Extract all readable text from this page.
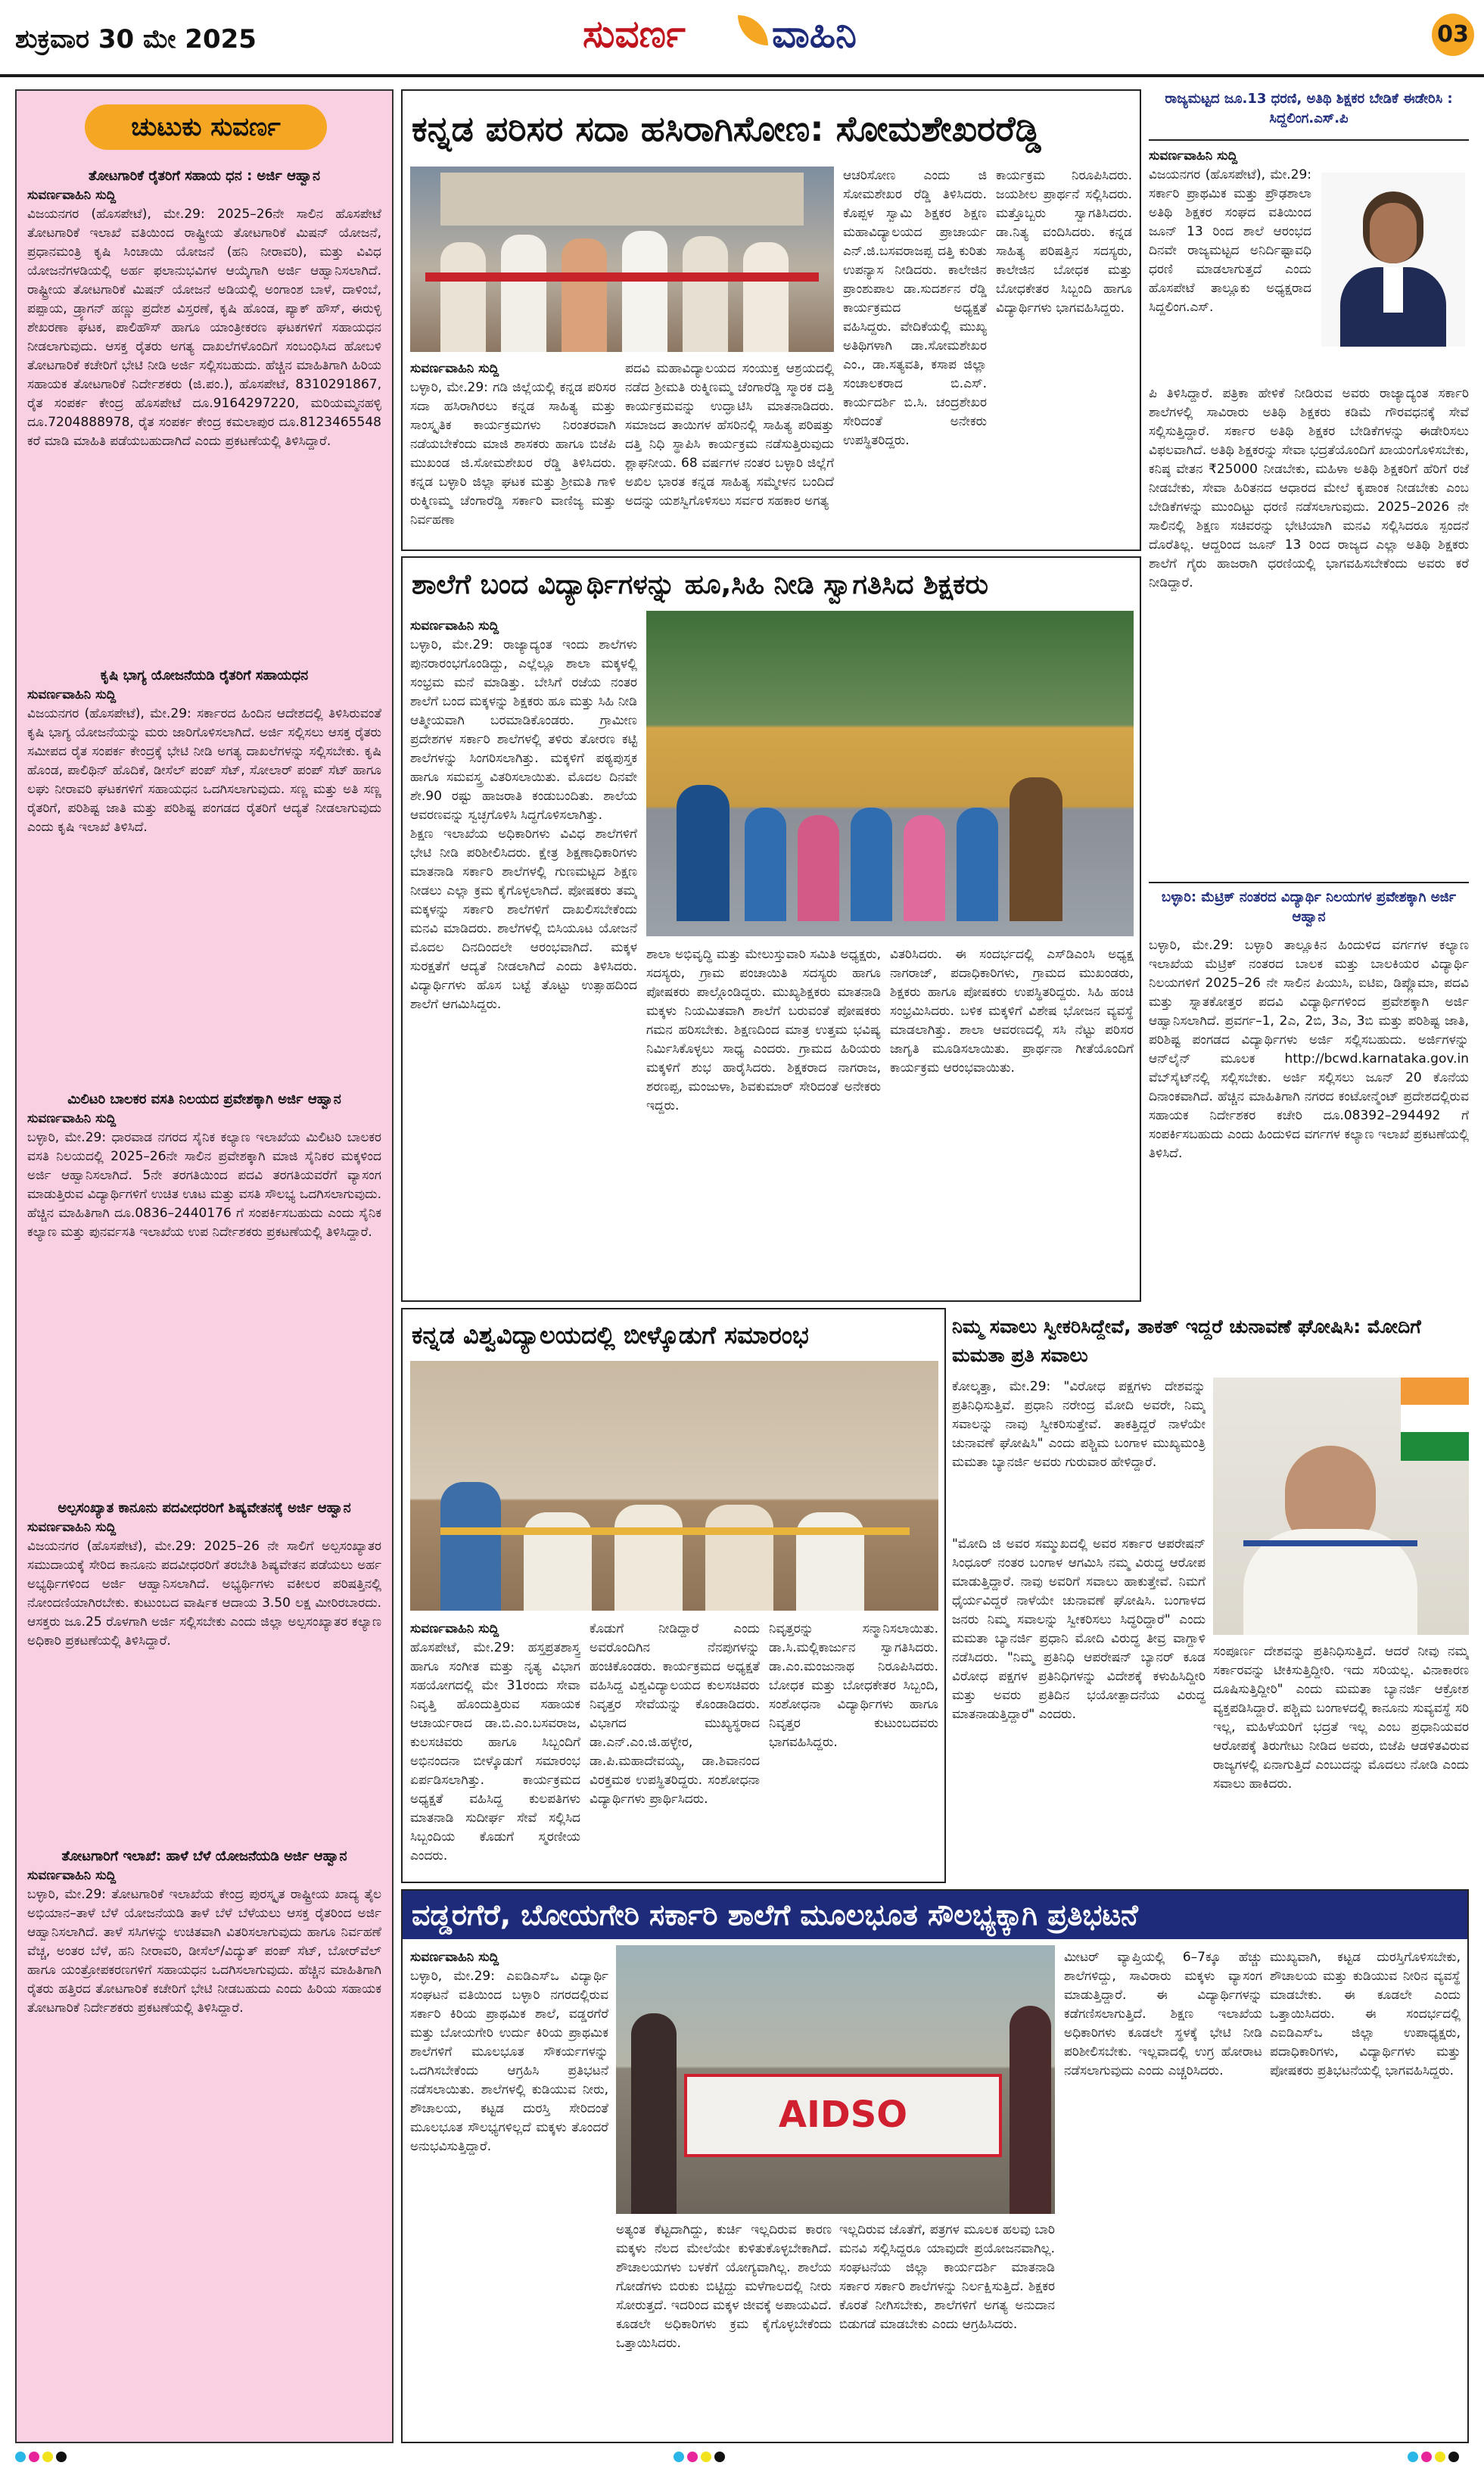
ಶುಕ್ರವಾರ 30 ಮೇ 2025	ಸುವರ್ಣ ವಾಹಿನಿ	03
ಚುಟುಕು ಸುವರ್ಣ
ತೋಟಗಾರಿಕೆ ರೈತರಿಗೆ ಸಹಾಯ ಧನ : ಅರ್ಜಿ ಆಹ್ವಾನ
ಸುವರ್ಣವಾಹಿನಿ ಸುದ್ದಿ
ವಿಜಯನಗರ (ಹೊಸಪೇಟೆ), ಮೇ.29: 2025–26ನೇ ಸಾಲಿನ ಹೊಸಪೇಟೆ ತೋಟಗಾರಿಕೆ ಇಲಾಖೆ ವತಿಯಿಂದ ರಾಷ್ಟ್ರೀಯ ತೋಟಗಾರಿಕೆ ಮಿಷನ್ ಯೋಜನೆ, ಪ್ರಧಾನಮಂತ್ರಿ ಕೃಷಿ ಸಿಂಚಾಯಿ ಯೋಜನೆ (ಹನಿ ನೀರಾವರಿ), ಮತ್ತು ವಿವಿಧ ಯೋಜನೆಗಳಡಿಯಲ್ಲಿ ಅರ್ಹ ಫಲಾನುಭವಿಗಳ ಆಯ್ಕೆಗಾಗಿ ಅರ್ಜಿ ಆಹ್ವಾನಿಸಲಾಗಿದೆ. ರಾಷ್ಟ್ರೀಯ ತೋಟಗಾರಿಕೆ ಮಿಷನ್ ಯೋಜನೆ ಅಡಿಯಲ್ಲಿ ಅಂಗಾಂಶ ಬಾಳೆ, ದಾಳಿಂಬೆ, ಪಪ್ಪಾಯ, ಡ್ರ್ಯಾಗನ್ ಹಣ್ಣು ಪ್ರದೇಶ ವಿಸ್ತರಣೆ, ಕೃಷಿ ಹೊಂಡ, ಪ್ಯಾಕ್ ಹೌಸ್, ಈರುಳ್ಳಿ ಶೇಖರಣಾ ಘಟಕ, ಪಾಲಿಹೌಸ್ ಹಾಗೂ ಯಾಂತ್ರೀಕರಣ ಘಟಕಗಳಿಗೆ ಸಹಾಯಧನ ನೀಡಲಾಗುವುದು. ಆಸಕ್ತ ರೈತರು ಅಗತ್ಯ ದಾಖಲೆಗಳೊಂದಿಗೆ ಸಂಬಂಧಿಸಿದ ಹೋಬಳಿ ತೋಟಗಾರಿಕೆ ಕಚೇರಿಗೆ ಭೇಟಿ ನೀಡಿ ಅರ್ಜಿ ಸಲ್ಲಿಸಬಹುದು. ಹೆಚ್ಚಿನ ಮಾಹಿತಿಗಾಗಿ ಹಿರಿಯ ಸಹಾಯಕ ತೋಟಗಾರಿಕೆ ನಿರ್ದೇಶಕರು (ಜಿ.ಪಂ.), ಹೊಸಪೇಟೆ, 8310291867, ರೈತ ಸಂಪರ್ಕ ಕೇಂದ್ರ ಹೊಸಪೇಟೆ ದೂ.9164297220, ಮರಿಯಮ್ಮನಹಳ್ಳಿ ದೂ.7204888978, ರೈತ ಸಂಪರ್ಕ ಕೇಂದ್ರ ಕಮಲಾಪುರ ದೂ.8123465548 ಕರೆ ಮಾಡಿ ಮಾಹಿತಿ ಪಡೆಯಬಹುದಾಗಿದೆ ಎಂದು ಪ್ರಕಟಣೆಯಲ್ಲಿ ತಿಳಿಸಿದ್ದಾರೆ.
ಕೃಷಿ ಭಾಗ್ಯ ಯೋಜನೆಯಡಿ ರೈತರಿಗೆ ಸಹಾಯಧನ
ಸುವರ್ಣವಾಹಿನಿ ಸುದ್ದಿ
ವಿಜಯನಗರ (ಹೊಸಪೇಟೆ), ಮೇ.29: ಸರ್ಕಾರದ ಹಿಂದಿನ ಆದೇಶದಲ್ಲಿ ತಿಳಿಸಿರುವಂತೆ ಕೃಷಿ ಭಾಗ್ಯ ಯೋಜನೆಯನ್ನು ಮರು ಜಾರಿಗೊಳಿಸಲಾಗಿದೆ. ಅರ್ಜಿ ಸಲ್ಲಿಸಲು ಆಸಕ್ತ ರೈತರು ಸಮೀಪದ ರೈತ ಸಂಪರ್ಕ ಕೇಂದ್ರಕ್ಕೆ ಭೇಟಿ ನೀಡಿ ಅಗತ್ಯ ದಾಖಲೆಗಳನ್ನು ಸಲ್ಲಿಸಬೇಕು. ಕೃಷಿ ಹೊಂಡ, ಪಾಲಿಥಿನ್ ಹೊದಿಕೆ, ಡೀಸೆಲ್ ಪಂಪ್ ಸೆಟ್, ಸೋಲಾರ್ ಪಂಪ್ ಸೆಟ್ ಹಾಗೂ ಲಘು ನೀರಾವರಿ ಘಟಕಗಳಿಗೆ ಸಹಾಯಧನ ಒದಗಿಸಲಾಗುವುದು. ಸಣ್ಣ ಮತ್ತು ಅತಿ ಸಣ್ಣ ರೈತರಿಗೆ, ಪರಿಶಿಷ್ಟ ಜಾತಿ ಮತ್ತು ಪರಿಶಿಷ್ಟ ಪಂಗಡದ ರೈತರಿಗೆ ಆದ್ಯತೆ ನೀಡಲಾಗುವುದು ಎಂದು ಕೃಷಿ ಇಲಾಖೆ ತಿಳಿಸಿದೆ.
ಮಿಲಿಟರಿ ಬಾಲಕರ ವಸತಿ ನಿಲಯದ ಪ್ರವೇಶಕ್ಕಾಗಿ ಅರ್ಜಿ ಆಹ್ವಾನ
ಸುವರ್ಣವಾಹಿನಿ ಸುದ್ದಿ
ಬಳ್ಳಾರಿ, ಮೇ.29: ಧಾರವಾಡ ನಗರದ ಸೈನಿಕ ಕಲ್ಯಾಣ ಇಲಾಖೆಯ ಮಿಲಿಟರಿ ಬಾಲಕರ ವಸತಿ ನಿಲಯದಲ್ಲಿ 2025–26ನೇ ಸಾಲಿನ ಪ್ರವೇಶಕ್ಕಾಗಿ ಮಾಜಿ ಸೈನಿಕರ ಮಕ್ಕಳಿಂದ ಅರ್ಜಿ ಆಹ್ವಾನಿಸಲಾಗಿದೆ. 5ನೇ ತರಗತಿಯಿಂದ ಪದವಿ ತರಗತಿಯವರೆಗೆ ವ್ಯಾಸಂಗ ಮಾಡುತ್ತಿರುವ ವಿದ್ಯಾರ್ಥಿಗಳಿಗೆ ಉಚಿತ ಊಟ ಮತ್ತು ವಸತಿ ಸೌಲಭ್ಯ ಒದಗಿಸಲಾಗುವುದು. ಹೆಚ್ಚಿನ ಮಾಹಿತಿಗಾಗಿ ದೂ.0836–2440176 ಗೆ ಸಂಪರ್ಕಿಸಬಹುದು ಎಂದು ಸೈನಿಕ ಕಲ್ಯಾಣ ಮತ್ತು ಪುನರ್ವಸತಿ ಇಲಾಖೆಯ ಉಪ ನಿರ್ದೇಶಕರು ಪ್ರಕಟಣೆಯಲ್ಲಿ ತಿಳಿಸಿದ್ದಾರೆ.
ಅಲ್ಪಸಂಖ್ಯಾತ ಕಾನೂನು ಪದವೀಧರರಿಗೆ ಶಿಷ್ಯವೇತನಕ್ಕೆ ಅರ್ಜಿ ಆಹ್ವಾನ
ಸುವರ್ಣವಾಹಿನಿ ಸುದ್ದಿ
ವಿಜಯನಗರ (ಹೊಸಪೇಟೆ), ಮೇ.29: 2025–26 ನೇ ಸಾಲಿಗೆ ಅಲ್ಪಸಂಖ್ಯಾತರ ಸಮುದಾಯಕ್ಕೆ ಸೇರಿದ ಕಾನೂನು ಪದವೀಧರರಿಗೆ ತರಬೇತಿ ಶಿಷ್ಯವೇತನ ಪಡೆಯಲು ಅರ್ಹ ಅಭ್ಯರ್ಥಿಗಳಿಂದ ಅರ್ಜಿ ಆಹ್ವಾನಿಸಲಾಗಿದೆ. ಅಭ್ಯರ್ಥಿಗಳು ವಕೀಲರ ಪರಿಷತ್ತಿನಲ್ಲಿ ನೋಂದಣಿಯಾಗಿರಬೇಕು. ಕುಟುಂಬದ ವಾರ್ಷಿಕ ಆದಾಯ 3.50 ಲಕ್ಷ ಮೀರಿರಬಾರದು. ಆಸಕ್ತರು ಜೂ.25 ರೊಳಗಾಗಿ ಅರ್ಜಿ ಸಲ್ಲಿಸಬೇಕು ಎಂದು ಜಿಲ್ಲಾ ಅಲ್ಪಸಂಖ್ಯಾತರ ಕಲ್ಯಾಣ ಅಧಿಕಾರಿ ಪ್ರಕಟಣೆಯಲ್ಲಿ ತಿಳಿಸಿದ್ದಾರೆ.
ತೋಟಗಾರಿಗೆ ಇಲಾಖೆ: ಹಾಳೆ ಬೆಳೆ ಯೋಜನೆಯಡಿ ಅರ್ಜಿ ಆಹ್ವಾನ
ಸುವರ್ಣವಾಹಿನಿ ಸುದ್ದಿ
ಬಳ್ಳಾರಿ, ಮೇ.29: ತೋಟಗಾರಿಕೆ ಇಲಾಖೆಯ ಕೇಂದ್ರ ಪುರಸ್ಕೃತ ರಾಷ್ಟ್ರೀಯ ಖಾದ್ಯ ತೈಲ ಅಭಿಯಾನ–ತಾಳೆ ಬೆಳೆ ಯೋಜನೆಯಡಿ ತಾಳೆ ಬೆಳೆ ಬೆಳೆಯಲು ಆಸಕ್ತ ರೈತರಿಂದ ಅರ್ಜಿ ಆಹ್ವಾನಿಸಲಾಗಿದೆ. ತಾಳೆ ಸಸಿಗಳನ್ನು ಉಚಿತವಾಗಿ ವಿತರಿಸಲಾಗುವುದು ಹಾಗೂ ನಿರ್ವಹಣೆ ವೆಚ್ಚ, ಅಂತರ ಬೆಳೆ, ಹನಿ ನೀರಾವರಿ, ಡೀಸೆಲ್/ವಿದ್ಯುತ್ ಪಂಪ್ ಸೆಟ್, ಬೋರ್‌ವೆಲ್ ಹಾಗೂ ಯಂತ್ರೋಪಕರಣಗಳಿಗೆ ಸಹಾಯಧನ ಒದಗಿಸಲಾಗುವುದು. ಹೆಚ್ಚಿನ ಮಾಹಿತಿಗಾಗಿ ರೈತರು ಹತ್ತಿರದ ತೋಟಗಾರಿಕೆ ಕಚೇರಿಗೆ ಭೇಟಿ ನೀಡಬಹುದು ಎಂದು ಹಿರಿಯ ಸಹಾಯಕ ತೋಟಗಾರಿಕೆ ನಿರ್ದೇಶಕರು ಪ್ರಕಟಣೆಯಲ್ಲಿ ತಿಳಿಸಿದ್ದಾರೆ.
ಕನ್ನಡ ಪರಿಸರ ಸದಾ ಹಸಿರಾಗಿಸೋಣ: ಸೋಮಶೇಖರರೆಡ್ಡಿ
ಆಚರಿಸೋಣ ಎಂದು ಜಿ ಸೋಮಶೇಖರ ರೆಡ್ಡಿ ತಿಳಿಸಿದರು. ಕೊಪ್ಪಳ ಸ್ವಾಮಿ ಶಿಕ್ಷಕರ ಶಿಕ್ಷಣ ಮಹಾವಿದ್ಯಾಲಯದ ಪ್ರಾಚಾರ್ಯ ಎನ್.ಜಿ.ಬಸವರಾಜಪ್ಪ ದತ್ತಿ ಕುರಿತು ಉಪನ್ಯಾಸ ನೀಡಿದರು. ಕಾಲೇಜಿನ ಪ್ರಾಂಶುಪಾಲ ಡಾ.ಸುದರ್ಶನ ರೆಡ್ಡಿ ಕಾರ್ಯಕ್ರಮದ ಅಧ್ಯಕ್ಷತೆ ವಹಿಸಿದ್ದರು. ವೇದಿಕೆಯಲ್ಲಿ ಮುಖ್ಯ ಅತಿಥಿಗಳಾಗಿ ಡಾ.ಸೋಮಶೇಖರ ಎಂ., ಡಾ.ಸತ್ಯವತಿ, ಕಸಾಪ ಜಿಲ್ಲಾ ಸಂಚಾಲಕರಾದ ಬಿ.ಎಸ್. ಕಾರ್ಯದರ್ಶಿ ಬಿ.ಸಿ. ಚಂದ್ರಶೇಖರ ಸೇರಿದಂತೆ ಅನೇಕರು ಉಪಸ್ಥಿತರಿದ್ದರು.
ಕಾರ್ಯಕ್ರಮ ನಿರೂಪಿಸಿದರು. ಜಯಶೀಲ ಪ್ರಾರ್ಥನೆ ಸಲ್ಲಿಸಿದರು. ಮತ್ತೊಬ್ಬರು ಸ್ವಾಗತಿಸಿದರು. ಡಾ.ನಿತ್ಯ ವಂದಿಸಿದರು. ಕನ್ನಡ ಸಾಹಿತ್ಯ ಪರಿಷತ್ತಿನ ಸದಸ್ಯರು, ಕಾಲೇಜಿನ ಬೋಧಕ ಮತ್ತು ಬೋಧಕೇತರ ಸಿಬ್ಬಂದಿ ಹಾಗೂ ವಿದ್ಯಾರ್ಥಿಗಳು ಭಾಗವಹಿಸಿದ್ದರು.
ಸುವರ್ಣವಾಹಿನಿ ಸುದ್ದಿ
ಬಳ್ಳಾರಿ, ಮೇ.29: ಗಡಿ ಜಿಲ್ಲೆಯಲ್ಲಿ ಕನ್ನಡ ಪರಿಸರ ಸದಾ ಹಸಿರಾಗಿರಲು ಕನ್ನಡ ಸಾಹಿತ್ಯ ಮತ್ತು ಸಾಂಸ್ಕೃತಿಕ ಕಾರ್ಯಕ್ರಮಗಳು ನಿರಂತರವಾಗಿ ನಡೆಯಬೇಕೆಂದು ಮಾಜಿ ಶಾಸಕರು ಹಾಗೂ ಬಿಜೆಪಿ ಮುಖಂಡ ಜಿ.ಸೋಮಶೇಖರ ರೆಡ್ಡಿ ತಿಳಿಸಿದರು. ಕನ್ನಡ ಬಳ್ಳಾರಿ ಜಿಲ್ಲಾ ಘಟಕ ಮತ್ತು ಶ್ರೀಮತಿ ಗಾಳಿ ರುಕ್ಮಿಣಮ್ಮ ಚೆಂಗಾರೆಡ್ಡಿ ಸರ್ಕಾರಿ ವಾಣಿಜ್ಯ ಮತ್ತು ನಿರ್ವಹಣಾ
ಪದವಿ ಮಹಾವಿದ್ಯಾಲಯದ ಸಂಯುಕ್ತ ಆಶ್ರಯದಲ್ಲಿ ನಡೆದ ಶ್ರೀಮತಿ ರುಕ್ಮಿಣಮ್ಮ ಚೆಂಗಾರೆಡ್ಡಿ ಸ್ಮಾರಕ ದತ್ತಿ ಕಾರ್ಯಕ್ರಮವನ್ನು ಉದ್ಘಾಟಿಸಿ ಮಾತನಾಡಿದರು. ಸಮಾಜದ ತಾಯಿಗಳ ಹೆಸರಿನಲ್ಲಿ ಸಾಹಿತ್ಯ ಪರಿಷತ್ತು ದತ್ತಿ ನಿಧಿ ಸ್ಥಾಪಿಸಿ ಕಾರ್ಯಕ್ರಮ ನಡೆಸುತ್ತಿರುವುದು ಶ್ಲಾಘನೀಯ. 68 ವರ್ಷಗಳ ನಂತರ ಬಳ್ಳಾರಿ ಜಿಲ್ಲೆಗೆ ಅಖಿಲ ಭಾರತ ಕನ್ನಡ ಸಾಹಿತ್ಯ ಸಮ್ಮೇಳನ ಬಂದಿದೆ ಅದನ್ನು ಯಶಸ್ವಿಗೊಳಿಸಲು ಸರ್ವರ ಸಹಕಾರ ಅಗತ್ಯ
ರಾಜ್ಯಮಟ್ಟದ ಜೂ.13 ಧರಣಿ, ಅತಿಥಿ ಶಿಕ್ಷಕರ ಬೇಡಿಕೆ ಈಡೇರಿಸಿ : ಸಿದ್ದಲಿಂಗ.ಎಸ್.ಪಿ
ಸುವರ್ಣವಾಹಿನಿ ಸುದ್ದಿ
ವಿಜಯನಗರ (ಹೊಸಪೇಟೆ), ಮೇ.29: ಸರ್ಕಾರಿ ಪ್ರಾಥಮಿಕ ಮತ್ತು ಪ್ರೌಢಶಾಲಾ ಅತಿಥಿ ಶಿಕ್ಷಕರ ಸಂಘದ ವತಿಯಿಂದ ಜೂನ್ 13 ರಿಂದ ಶಾಲೆ ಆರಂಭದ ದಿನವೇ ರಾಜ್ಯಮಟ್ಟದ ಅನಿರ್ದಿಷ್ಟಾವಧಿ ಧರಣಿ ಮಾಡಲಾಗುತ್ತದೆ ಎಂದು ಹೊಸಪೇಟೆ ತಾಲ್ಲೂಕು ಅಧ್ಯಕ್ಷರಾದ ಸಿದ್ದಲಿಂಗ.ಎಸ್.
ಪಿ ತಿಳಿಸಿದ್ದಾರೆ. ಪತ್ರಿಕಾ ಹೇಳಿಕೆ ನೀಡಿರುವ ಅವರು ರಾಜ್ಯಾದ್ಯಂತ ಸರ್ಕಾರಿ ಶಾಲೆಗಳಲ್ಲಿ ಸಾವಿರಾರು ಅತಿಥಿ ಶಿಕ್ಷಕರು ಕಡಿಮೆ ಗೌರವಧನಕ್ಕೆ ಸೇವೆ ಸಲ್ಲಿಸುತ್ತಿದ್ದಾರೆ. ಸರ್ಕಾರ ಅತಿಥಿ ಶಿಕ್ಷಕರ ಬೇಡಿಕೆಗಳನ್ನು ಈಡೇರಿಸಲು ವಿಫಲವಾಗಿದೆ. ಅತಿಥಿ ಶಿಕ್ಷಕರನ್ನು ಸೇವಾ ಭದ್ರತೆಯೊಂದಿಗೆ ಖಾಯಂಗೊಳಿಸಬೇಕು, ಕನಿಷ್ಠ ವೇತನ ₹25000 ನೀಡಬೇಕು, ಮಹಿಳಾ ಅತಿಥಿ ಶಿಕ್ಷಕರಿಗೆ ಹೆರಿಗೆ ರಜೆ ನೀಡಬೇಕು, ಸೇವಾ ಹಿರಿತನದ ಆಧಾರದ ಮೇಲೆ ಕೃಪಾಂಕ ನೀಡಬೇಕು ಎಂಬ ಬೇಡಿಕೆಗಳನ್ನು ಮುಂದಿಟ್ಟು ಧರಣಿ ನಡೆಸಲಾಗುವುದು. 2025–2026 ನೇ ಸಾಲಿನಲ್ಲಿ ಶಿಕ್ಷಣ ಸಚಿವರನ್ನು ಭೇಟಿಯಾಗಿ ಮನವಿ ಸಲ್ಲಿಸಿದರೂ ಸ್ಪಂದನೆ ದೊರೆತಿಲ್ಲ. ಆದ್ದರಿಂದ ಜೂನ್ 13 ರಿಂದ ರಾಜ್ಯದ ಎಲ್ಲಾ ಅತಿಥಿ ಶಿಕ್ಷಕರು ಶಾಲೆಗೆ ಗೈರು ಹಾಜರಾಗಿ ಧರಣಿಯಲ್ಲಿ ಭಾಗವಹಿಸಬೇಕೆಂದು ಅವರು ಕರೆ ನೀಡಿದ್ದಾರೆ.
ಶಾಲೆಗೆ ಬಂದ ವಿದ್ಯಾರ್ಥಿಗಳನ್ನು ಹೂ,ಸಿಹಿ ನೀಡಿ ಸ್ವಾಗತಿಸಿದ ಶಿಕ್ಷಕರು
ಸುವರ್ಣವಾಹಿನಿ ಸುದ್ದಿ
ಬಳ್ಳಾರಿ, ಮೇ.29: ರಾಜ್ಯಾದ್ಯಂತ ಇಂದು ಶಾಲೆಗಳು ಪುನರಾರಂಭಗೊಂಡಿದ್ದು, ಎಲ್ಲೆಲ್ಲೂ ಶಾಲಾ ಮಕ್ಕಳಲ್ಲಿ ಸಂಭ್ರಮ ಮನೆ ಮಾಡಿತ್ತು. ಬೇಸಿಗೆ ರಜೆಯ ನಂತರ ಶಾಲೆಗೆ ಬಂದ ಮಕ್ಕಳನ್ನು ಶಿಕ್ಷಕರು ಹೂ ಮತ್ತು ಸಿಹಿ ನೀಡಿ ಆತ್ಮೀಯವಾಗಿ ಬರಮಾಡಿಕೊಂಡರು. ಗ್ರಾಮೀಣ ಪ್ರದೇಶಗಳ ಸರ್ಕಾರಿ ಶಾಲೆಗಳಲ್ಲಿ ತಳಿರು ತೋರಣ ಕಟ್ಟಿ ಶಾಲೆಗಳನ್ನು ಸಿಂಗರಿಸಲಾಗಿತ್ತು. ಮಕ್ಕಳಿಗೆ ಪಠ್ಯಪುಸ್ತಕ ಹಾಗೂ ಸಮವಸ್ತ್ರ ವಿತರಿಸಲಾಯಿತು. ಮೊದಲ ದಿನವೇ ಶೇ.90 ರಷ್ಟು ಹಾಜರಾತಿ ಕಂಡುಬಂದಿತು. ಶಾಲೆಯ ಆವರಣವನ್ನು ಸ್ವಚ್ಛಗೊಳಿಸಿ ಸಿದ್ಧಗೊಳಿಸಲಾಗಿತ್ತು.
ಶಿಕ್ಷಣ ಇಲಾಖೆಯ ಅಧಿಕಾರಿಗಳು ವಿವಿಧ ಶಾಲೆಗಳಿಗೆ ಭೇಟಿ ನೀಡಿ ಪರಿಶೀಲಿಸಿದರು. ಕ್ಷೇತ್ರ ಶಿಕ್ಷಣಾಧಿಕಾರಿಗಳು ಮಾತನಾಡಿ ಸರ್ಕಾರಿ ಶಾಲೆಗಳಲ್ಲಿ ಗುಣಮಟ್ಟದ ಶಿಕ್ಷಣ ನೀಡಲು ಎಲ್ಲಾ ಕ್ರಮ ಕೈಗೊಳ್ಳಲಾಗಿದೆ. ಪೋಷಕರು ತಮ್ಮ ಮಕ್ಕಳನ್ನು ಸರ್ಕಾರಿ ಶಾಲೆಗಳಿಗೆ ದಾಖಲಿಸಬೇಕೆಂದು ಮನವಿ ಮಾಡಿದರು. ಶಾಲೆಗಳಲ್ಲಿ ಬಿಸಿಯೂಟ ಯೋಜನೆ ಮೊದಲ ದಿನದಿಂದಲೇ ಆರಂಭವಾಗಿದೆ. ಮಕ್ಕಳ ಸುರಕ್ಷತೆಗೆ ಆದ್ಯತೆ ನೀಡಲಾಗಿದೆ ಎಂದು ತಿಳಿಸಿದರು. ವಿದ್ಯಾರ್ಥಿಗಳು ಹೊಸ ಬಟ್ಟೆ ತೊಟ್ಟು ಉತ್ಸಾಹದಿಂದ ಶಾಲೆಗೆ ಆಗಮಿಸಿದ್ದರು.
ಶಾಲಾ ಅಭಿವೃದ್ಧಿ ಮತ್ತು ಮೇಲುಸ್ತುವಾರಿ ಸಮಿತಿ ಅಧ್ಯಕ್ಷರು, ಸದಸ್ಯರು, ಗ್ರಾಮ ಪಂಚಾಯಿತಿ ಸದಸ್ಯರು ಹಾಗೂ ಪೋಷಕರು ಪಾಲ್ಗೊಂಡಿದ್ದರು. ಮುಖ್ಯಶಿಕ್ಷಕರು ಮಾತನಾಡಿ ಮಕ್ಕಳು ನಿಯಮಿತವಾಗಿ ಶಾಲೆಗೆ ಬರುವಂತೆ ಪೋಷಕರು ಗಮನ ಹರಿಸಬೇಕು. ಶಿಕ್ಷಣದಿಂದ ಮಾತ್ರ ಉತ್ತಮ ಭವಿಷ್ಯ ನಿರ್ಮಿಸಿಕೊಳ್ಳಲು ಸಾಧ್ಯ ಎಂದರು. ಗ್ರಾಮದ ಹಿರಿಯರು ಮಕ್ಕಳಿಗೆ ಶುಭ ಹಾರೈಸಿದರು. ಶಿಕ್ಷಕರಾದ ನಾಗರಾಜ, ಶರಣಪ್ಪ, ಮಂಜುಳಾ, ಶಿವಕುಮಾರ್ ಸೇರಿದಂತೆ ಅನೇಕರು ಇದ್ದರು.
ವಿತರಿಸಿದರು. ಈ ಸಂದರ್ಭದಲ್ಲಿ ಎಸ್‌ಡಿಎಂಸಿ ಅಧ್ಯಕ್ಷ ನಾಗರಾಜ್, ಪದಾಧಿಕಾರಿಗಳು, ಗ್ರಾಮದ ಮುಖಂಡರು, ಶಿಕ್ಷಕರು ಹಾಗೂ ಪೋಷಕರು ಉಪಸ್ಥಿತರಿದ್ದರು. ಸಿಹಿ ಹಂಚಿ ಸಂಭ್ರಮಿಸಿದರು. ಬಳಿಕ ಮಕ್ಕಳಿಗೆ ವಿಶೇಷ ಭೋಜನ ವ್ಯವಸ್ಥೆ ಮಾಡಲಾಗಿತ್ತು. ಶಾಲಾ ಆವರಣದಲ್ಲಿ ಸಸಿ ನೆಟ್ಟು ಪರಿಸರ ಜಾಗೃತಿ ಮೂಡಿಸಲಾಯಿತು. ಪ್ರಾರ್ಥನಾ ಗೀತೆಯೊಂದಿಗೆ ಕಾರ್ಯಕ್ರಮ ಆರಂಭವಾಯಿತು.
ಬಳ್ಳಾರಿ: ಮೆಟ್ರಿಕ್ ನಂತರದ ವಿದ್ಯಾರ್ಥಿ ನಿಲಯಗಳ ಪ್ರವೇಶಕ್ಕಾಗಿ ಅರ್ಜಿ ಆಹ್ವಾನ
ಬಳ್ಳಾರಿ, ಮೇ.29: ಬಳ್ಳಾರಿ ತಾಲ್ಲೂಕಿನ ಹಿಂದುಳಿದ ವರ್ಗಗಳ ಕಲ್ಯಾಣ ಇಲಾಖೆಯ ಮೆಟ್ರಿಕ್ ನಂತರದ ಬಾಲಕ ಮತ್ತು ಬಾಲಕಿಯರ ವಿದ್ಯಾರ್ಥಿ ನಿಲಯಗಳಿಗೆ 2025–26 ನೇ ಸಾಲಿನ ಪಿಯುಸಿ, ಐಟಿಐ, ಡಿಪ್ಲೊಮಾ, ಪದವಿ ಮತ್ತು ಸ್ನಾತಕೋತ್ತರ ಪದವಿ ವಿದ್ಯಾರ್ಥಿಗಳಿಂದ ಪ್ರವೇಶಕ್ಕಾಗಿ ಅರ್ಜಿ ಆಹ್ವಾನಿಸಲಾಗಿದೆ. ಪ್ರವರ್ಗ–1, 2ಎ, 2ಬಿ, 3ಎ, 3ಬಿ ಮತ್ತು ಪರಿಶಿಷ್ಟ ಜಾತಿ, ಪರಿಶಿಷ್ಟ ಪಂಗಡದ ವಿದ್ಯಾರ್ಥಿಗಳು ಅರ್ಜಿ ಸಲ್ಲಿಸಬಹುದು. ಅರ್ಜಿಗಳನ್ನು ಆನ್‌ಲೈನ್ ಮೂಲಕ http://bcwd.karnataka.gov.in ವೆಬ್‌ಸೈಟ್‌ನಲ್ಲಿ ಸಲ್ಲಿಸಬೇಕು. ಅರ್ಜಿ ಸಲ್ಲಿಸಲು ಜೂನ್ 20 ಕೊನೆಯ ದಿನಾಂಕವಾಗಿದೆ. ಹೆಚ್ಚಿನ ಮಾಹಿತಿಗಾಗಿ ನಗರದ ಕಂಟೋನ್ಮೆಂಟ್ ಪ್ರದೇಶದಲ್ಲಿರುವ ಸಹಾಯಕ ನಿರ್ದೇಶಕರ ಕಚೇರಿ ದೂ.08392–294492 ಗೆ ಸಂಪರ್ಕಿಸಬಹುದು ಎಂದು ಹಿಂದುಳಿದ ವರ್ಗಗಳ ಕಲ್ಯಾಣ ಇಲಾಖೆ ಪ್ರಕಟಣೆಯಲ್ಲಿ ತಿಳಿಸಿದೆ.
ಕನ್ನಡ ವಿಶ್ವವಿದ್ಯಾಲಯದಲ್ಲಿ ಬೀಳ್ಕೊಡುಗೆ ಸಮಾರಂಭ
ಸುವರ್ಣವಾಹಿನಿ ಸುದ್ದಿ
ಹೊಸಪೇಟೆ, ಮೇ.29: ಹಸ್ತಪ್ರತಶಾಸ್ತ್ರ ಹಾಗೂ ಸಂಗೀತ ಮತ್ತು ನೃತ್ಯ ವಿಭಾಗ ಸಹಯೋಗದಲ್ಲಿ ಮೇ 31ರಂದು ಸೇವಾ ನಿವೃತ್ತಿ ಹೊಂದುತ್ತಿರುವ ಸಹಾಯಕ ಆಚಾರ್ಯರಾದ ಡಾ.ಬಿ.ಎಂ.ಬಸವರಾಜ, ಕುಲಸಚಿವರು ಹಾಗೂ ಸಿಬ್ಬಂದಿಗೆ ಅಭಿನಂದನಾ ಬೀಳ್ಕೊಡುಗೆ ಸಮಾರಂಭ ಏರ್ಪಡಿಸಲಾಗಿತ್ತು. ಕಾರ್ಯಕ್ರಮದ ಅಧ್ಯಕ್ಷತೆ ವಹಿಸಿದ್ದ ಕುಲಪತಿಗಳು ಮಾತನಾಡಿ ಸುದೀರ್ಘ ಸೇವೆ ಸಲ್ಲಿಸಿದ ಸಿಬ್ಬಂದಿಯ ಕೊಡುಗೆ ಸ್ಮರಣೀಯ ಎಂದರು.
ಕೊಡುಗೆ ನೀಡಿದ್ದಾರೆ ಎಂದು ಅವರೊಂದಿಗಿನ ನೆನಪುಗಳನ್ನು ಹಂಚಿಕೊಂಡರು. ಕಾರ್ಯಕ್ರಮದ ಅಧ್ಯಕ್ಷತೆ ವಹಿಸಿದ್ದ ವಿಶ್ವವಿದ್ಯಾಲಯದ ಕುಲಸಚಿವರು ನಿವೃತ್ತರ ಸೇವೆಯನ್ನು ಕೊಂಡಾಡಿದರು. ವಿಭಾಗದ ಮುಖ್ಯಸ್ಥರಾದ ಡಾ.ಎನ್.ಎಂ.ಜಿ.ಹಳ್ಳೇರ, ಡಾ.ಪಿ.ಮಹಾದೇವಯ್ಯ, ಡಾ.ಶಿವಾನಂದ ವಿರಕ್ತಮಠ ಉಪಸ್ಥಿತರಿದ್ದರು. ಸಂಶೋಧನಾ ವಿದ್ಯಾರ್ಥಿಗಳು ಪ್ರಾರ್ಥಿಸಿದರು.
ನಿವೃತ್ತರನ್ನು ಸನ್ಮಾನಿಸಲಾಯಿತು. ಡಾ.ಸಿ.ಮಲ್ಲಿಕಾರ್ಜುನ ಸ್ವಾಗತಿಸಿದರು. ಡಾ.ಎಂ.ಮಂಜುನಾಥ ನಿರೂಪಿಸಿದರು. ಬೋಧಕ ಮತ್ತು ಬೋಧಕೇತರ ಸಿಬ್ಬಂದಿ, ಸಂಶೋಧನಾ ವಿದ್ಯಾರ್ಥಿಗಳು ಹಾಗೂ ನಿವೃತ್ತರ ಕುಟುಂಬದವರು ಭಾಗವಹಿಸಿದ್ದರು.
ನಿಮ್ಮ ಸವಾಲು ಸ್ವೀಕರಿಸಿದ್ದೇವೆ, ತಾಕತ್ ಇದ್ದರೆ ಚುನಾವಣೆ ಘೋಷಿಸಿ: ಮೋದಿಗೆ ಮಮತಾ ಪ್ರತಿ ಸವಾಲು
ಕೋಲ್ಕತ್ತಾ, ಮೇ.29: "ವಿರೋಧ ಪಕ್ಷಗಳು ದೇಶವನ್ನು ಪ್ರತಿನಿಧಿಸುತ್ತಿವೆ. ಪ್ರಧಾನಿ ನರೇಂದ್ರ ಮೋದಿ ಅವರೇ, ನಿಮ್ಮ ಸವಾಲನ್ನು ನಾವು ಸ್ವೀಕರಿಸುತ್ತೇವೆ. ತಾಕತ್ತಿದ್ದರೆ ನಾಳೆಯೇ ಚುನಾವಣೆ ಘೋಷಿಸಿ" ಎಂದು ಪಶ್ಚಿಮ ಬಂಗಾಳ ಮುಖ್ಯಮಂತ್ರಿ ಮಮತಾ ಬ್ಯಾನರ್ಜಿ ಅವರು ಗುರುವಾರ ಹೇಳಿದ್ದಾರೆ.
"ಮೋದಿ ಜಿ ಅವರ ಸಮ್ಮುಖದಲ್ಲಿ ಅವರ ಸರ್ಕಾರ ಆಪರೇಷನ್ ಸಿಂಧೂರ್ ನಂತರ ಬಂಗಾಳ ಆಗಮಿಸಿ ನಮ್ಮ ವಿರುದ್ಧ ಆರೋಪ ಮಾಡುತ್ತಿದ್ದಾರೆ. ನಾವು ಅವರಿಗೆ ಸವಾಲು ಹಾಕುತ್ತೇವೆ. ನಿಮಗೆ ಧೈರ್ಯವಿದ್ದರೆ ನಾಳೆಯೇ ಚುನಾವಣೆ ಘೋಷಿಸಿ. ಬಂಗಾಳದ ಜನರು ನಿಮ್ಮ ಸವಾಲನ್ನು ಸ್ವೀಕರಿಸಲು ಸಿದ್ಧರಿದ್ದಾರೆ" ಎಂದು ಮಮತಾ ಬ್ಯಾನರ್ಜಿ ಪ್ರಧಾನಿ ಮೋದಿ ವಿರುದ್ಧ ತೀವ್ರ ವಾಗ್ದಾಳಿ ನಡೆಸಿದರು. "ನಿಮ್ಮ ಪ್ರತಿನಿಧಿ ಆಪರೇಷನ್ ಬ್ಯಾನರ್ ಕೂಡ ವಿರೋಧ ಪಕ್ಷಗಳ ಪ್ರತಿನಿಧಿಗಳನ್ನು ವಿದೇಶಕ್ಕೆ ಕಳುಹಿಸಿದ್ದೀರಿ ಮತ್ತು ಅವರು ಪ್ರತಿದಿನ ಭಯೋತ್ಪಾದನೆಯ ವಿರುದ್ಧ ಮಾತನಾಡುತ್ತಿದ್ದಾರೆ" ಎಂದರು.
ಸಂಪೂರ್ಣ ದೇಶವನ್ನು ಪ್ರತಿನಿಧಿಸುತ್ತಿದೆ. ಆದರೆ ನೀವು ನಮ್ಮ ಸರ್ಕಾರವನ್ನು ಟೀಕಿಸುತ್ತಿದ್ದೀರಿ. ಇದು ಸರಿಯಲ್ಲ. ವಿನಾಕಾರಣ ದೂಷಿಸುತ್ತಿದ್ದೀರಿ" ಎಂದು ಮಮತಾ ಬ್ಯಾನರ್ಜಿ ಆಕ್ರೋಶ ವ್ಯಕ್ತಪಡಿಸಿದ್ದಾರೆ. ಪಶ್ಚಿಮ ಬಂಗಾಳದಲ್ಲಿ ಕಾನೂನು ಸುವ್ಯವಸ್ಥೆ ಸರಿ ಇಲ್ಲ, ಮಹಿಳೆಯರಿಗೆ ಭದ್ರತೆ ಇಲ್ಲ ಎಂಬ ಪ್ರಧಾನಿಯವರ ಆರೋಪಕ್ಕೆ ತಿರುಗೇಟು ನೀಡಿದ ಅವರು, ಬಿಜೆಪಿ ಆಡಳಿತವಿರುವ ರಾಜ್ಯಗಳಲ್ಲಿ ಏನಾಗುತ್ತಿದೆ ಎಂಬುದನ್ನು ಮೊದಲು ನೋಡಿ ಎಂದು ಸವಾಲು ಹಾಕಿದರು.
ವಡ್ಡರಗೆರೆ, ಬೋಯಗೇರಿ ಸರ್ಕಾರಿ ಶಾಲೆಗೆ ಮೂಲಭೂತ ಸೌಲಭ್ಯಕ್ಕಾಗಿ ಪ್ರತಿಭಟನೆ
ಸುವರ್ಣವಾಹಿನಿ ಸುದ್ದಿ
ಬಳ್ಳಾರಿ, ಮೇ.29: ಎಐಡಿಎಸ್‌ಒ ವಿದ್ಯಾರ್ಥಿ ಸಂಘಟನೆ ವತಿಯಿಂದ ಬಳ್ಳಾರಿ ನಗರದಲ್ಲಿರುವ ಸರ್ಕಾರಿ ಕಿರಿಯ ಪ್ರಾಥಮಿಕ ಶಾಲೆ, ವಡ್ಡರಗೆರೆ ಮತ್ತು ಬೋಯಗೇರಿ ಉರ್ದು ಕಿರಿಯ ಪ್ರಾಥಮಿಕ ಶಾಲೆಗಳಿಗೆ ಮೂಲಭೂತ ಸೌಕರ್ಯಗಳನ್ನು ಒದಗಿಸಬೇಕೆಂದು ಆಗ್ರಹಿಸಿ ಪ್ರತಿಭಟನೆ ನಡೆಸಲಾಯಿತು. ಶಾಲೆಗಳಲ್ಲಿ ಕುಡಿಯುವ ನೀರು, ಶೌಚಾಲಯ, ಕಟ್ಟಡ ದುರಸ್ತಿ ಸೇರಿದಂತೆ ಮೂಲಭೂತ ಸೌಲಭ್ಯಗಳಿಲ್ಲದೆ ಮಕ್ಕಳು ತೊಂದರೆ ಅನುಭವಿಸುತ್ತಿದ್ದಾರೆ.
AIDSO
ಅತ್ಯಂತ ಕೆಟ್ಟದಾಗಿದ್ದು, ಕುರ್ಚಿ ಇಲ್ಲದಿರುವ ಕಾರಣ ಮಕ್ಕಳು ನೆಲದ ಮೇಲೆಯೇ ಕುಳಿತುಕೊಳ್ಳಬೇಕಾಗಿದೆ. ಶೌಚಾಲಯಗಳು ಬಳಕೆಗೆ ಯೋಗ್ಯವಾಗಿಲ್ಲ. ಶಾಲೆಯ ಗೋಡೆಗಳು ಬಿರುಕು ಬಿಟ್ಟಿದ್ದು ಮಳೆಗಾಲದಲ್ಲಿ ನೀರು ಸೋರುತ್ತದೆ. ಇದರಿಂದ ಮಕ್ಕಳ ಜೀವಕ್ಕೆ ಅಪಾಯವಿದೆ. ಕೂಡಲೇ ಅಧಿಕಾರಿಗಳು ಕ್ರಮ ಕೈಗೊಳ್ಳಬೇಕೆಂದು ಒತ್ತಾಯಿಸಿದರು.
ಇಲ್ಲದಿರುವ ಜೊತೆಗೆ, ಪತ್ರಗಳ ಮೂಲಕ ಹಲವು ಬಾರಿ ಮನವಿ ಸಲ್ಲಿಸಿದ್ದರೂ ಯಾವುದೇ ಪ್ರಯೋಜನವಾಗಿಲ್ಲ. ಸಂಘಟನೆಯ ಜಿಲ್ಲಾ ಕಾರ್ಯದರ್ಶಿ ಮಾತನಾಡಿ ಸರ್ಕಾರ ಸರ್ಕಾರಿ ಶಾಲೆಗಳನ್ನು ನಿರ್ಲಕ್ಷಿಸುತ್ತಿದೆ. ಶಿಕ್ಷಕರ ಕೊರತೆ ನೀಗಿಸಬೇಕು, ಶಾಲೆಗಳಿಗೆ ಅಗತ್ಯ ಅನುದಾನ ಬಿಡುಗಡೆ ಮಾಡಬೇಕು ಎಂದು ಆಗ್ರಹಿಸಿದರು.
ಮೀಟರ್ ವ್ಯಾಪ್ತಿಯಲ್ಲಿ 6–7ಕ್ಕೂ ಹೆಚ್ಚು ಶಾಲೆಗಳಿದ್ದು, ಸಾವಿರಾರು ಮಕ್ಕಳು ವ್ಯಾಸಂಗ ಮಾಡುತ್ತಿದ್ದಾರೆ. ಈ ವಿದ್ಯಾರ್ಥಿಗಳನ್ನು ಕಡೆಗಣಿಸಲಾಗುತ್ತಿದೆ. ಶಿಕ್ಷಣ ಇಲಾಖೆಯ ಅಧಿಕಾರಿಗಳು ಕೂಡಲೇ ಸ್ಥಳಕ್ಕೆ ಭೇಟಿ ನೀಡಿ ಪರಿಶೀಲಿಸಬೇಕು. ಇಲ್ಲವಾದಲ್ಲಿ ಉಗ್ರ ಹೋರಾಟ ನಡೆಸಲಾಗುವುದು ಎಂದು ಎಚ್ಚರಿಸಿದರು.
ಮುಖ್ಯವಾಗಿ, ಕಟ್ಟಡ ದುರಸ್ತಿಗೊಳಿಸಬೇಕು, ಶೌಚಾಲಯ ಮತ್ತು ಕುಡಿಯುವ ನೀರಿನ ವ್ಯವಸ್ಥೆ ಮಾಡಬೇಕು. ಈ ಕೂಡಲೇ ಎಂದು ಒತ್ತಾಯಿಸಿದರು. ಈ ಸಂದರ್ಭದಲ್ಲಿ ಎಐಡಿಎಸ್‌ಒ ಜಿಲ್ಲಾ ಉಪಾಧ್ಯಕ್ಷರು, ಪದಾಧಿಕಾರಿಗಳು, ವಿದ್ಯಾರ್ಥಿಗಳು ಮತ್ತು ಪೋಷಕರು ಪ್ರತಿಭಟನೆಯಲ್ಲಿ ಭಾಗವಹಿಸಿದ್ದರು.
